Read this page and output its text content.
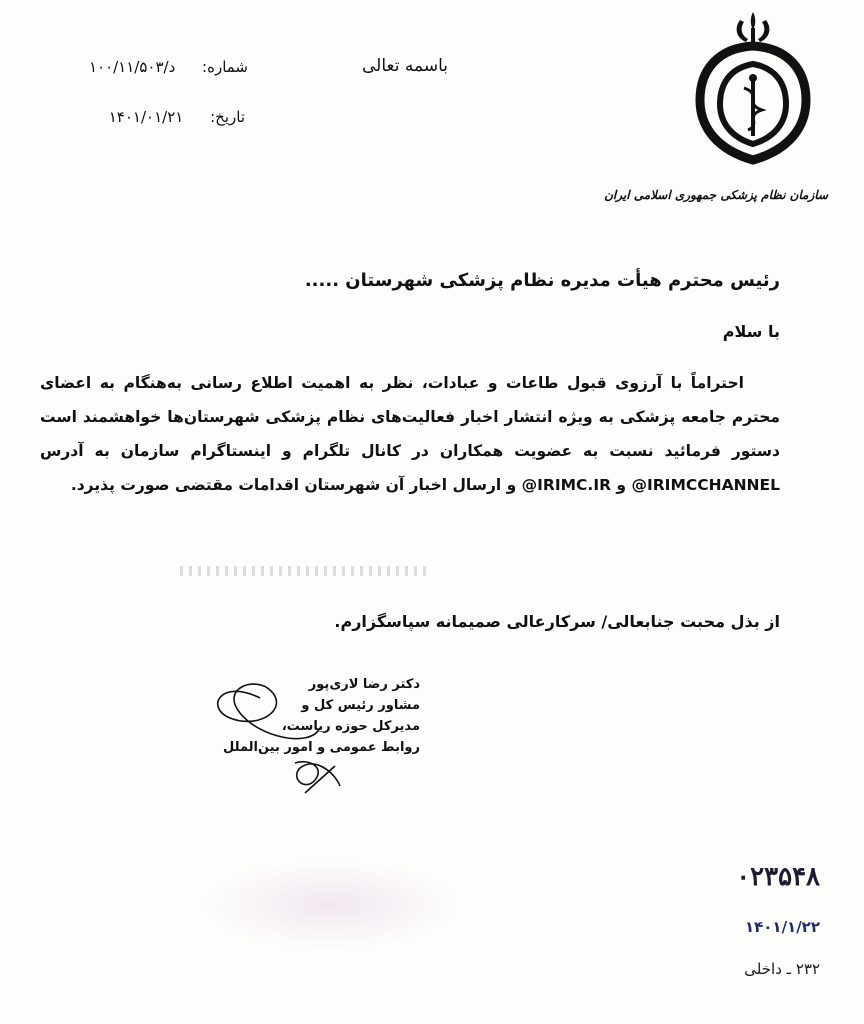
سازمان نظام پزشکی جمهوری اسلامی ایران
باسمه تعالی
شماره: د/۱۰۰/۱۱/۵۰۳
تاریخ: ۱۴۰۱/۰۱/۲۱
رئیس محترم هیأت مدیره نظام پزشکی شهرستان .....
با سلام
احتراماً با آرزوی قبول طاعات و عبادات، نظر به اهمیت اطلاع رسانی به‌هنگام به اعضای محترم جامعه پزشکی به ویژه انتشار اخبار فعالیت‌های نظام پزشکی شهرستان‌ها خواهشمند است دستور فرمائید نسبت به عضویت همکاران در کانال تلگرام و اینستاگرام سازمان به آدرس IRIMCCHANNEL@ و IRIMC.IR@ و ارسال اخبار آن شهرستان اقدامات مقتضی صورت پذیرد.
از بذل محبت جنابعالی/ سرکارعالی صمیمانه سپاسگزارم.
دکتر رضا لاری‌پور
مشاور رئیس کل و
مدیرکل حوزه ریاست،
روابط عمومی و امور بین‌الملل
۰۲۳۵۴۸
۱۴۰۱/۱/۲۲
۲۳۲ ـ داخلی
